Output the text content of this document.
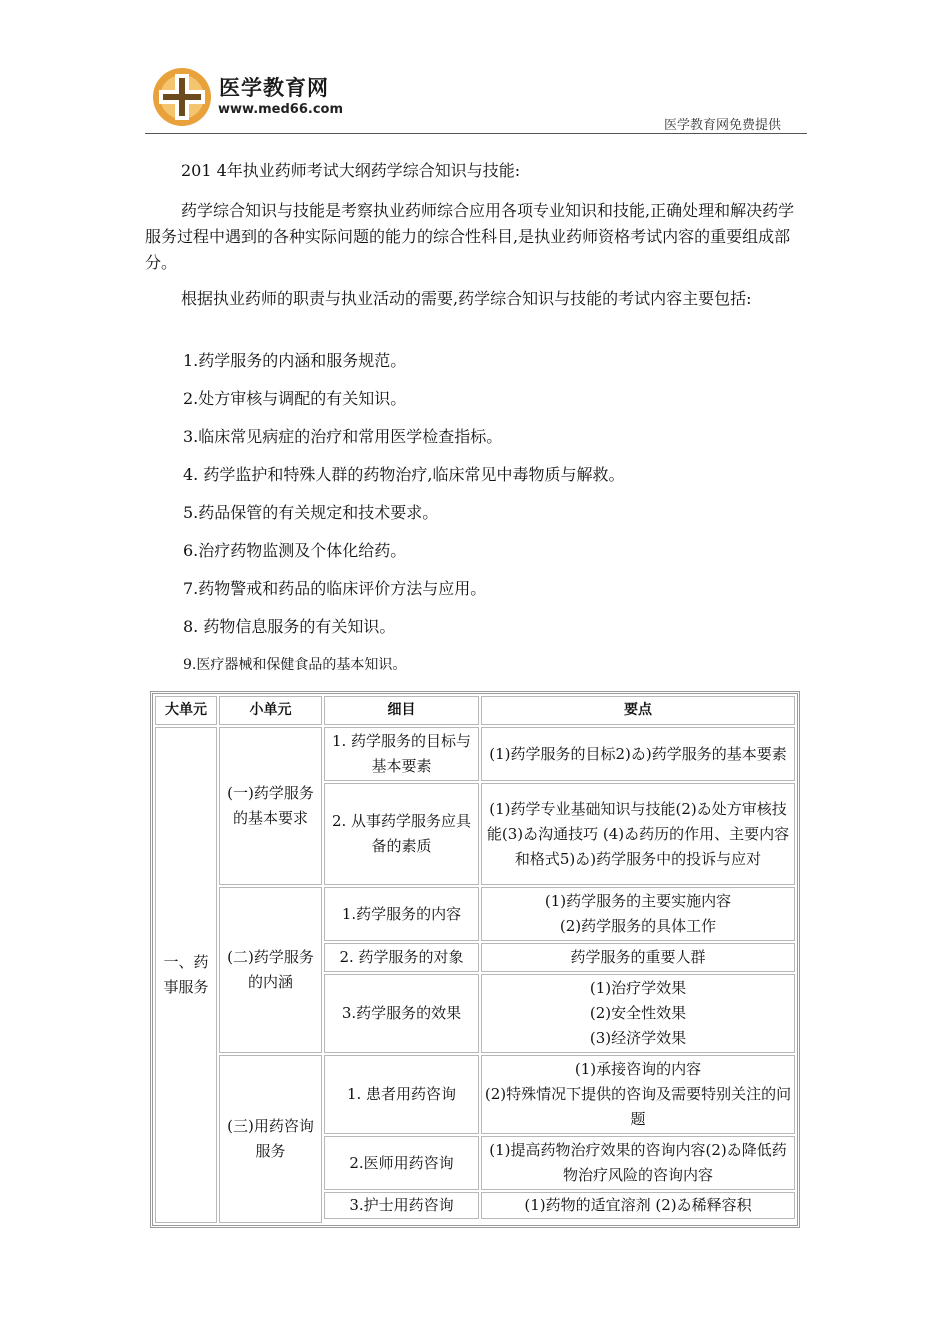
医学教育网
www.med66.com
医学教育网免费提供
201 4年执业药师考试大纲药学综合知识与技能:
药学综合知识与技能是考察执业药师综合应用各项专业知识和技能,正确处理和解决药学服务过程中遇到的各种实际问题的能力的综合性科目,是执业药师资格考试内容的重要组成部分。
根据执业药师的职责与执业活动的需要,药学综合知识与技能的考试内容主要包括:
1.药学服务的内涵和服务规范。
2.处方审核与调配的有关知识。
3.临床常见病症的治疗和常用医学检查指标。
4. 药学监护和特殊人群的药物治疗,临床常见中毒物质与解救。
5.药品保管的有关规定和技术要求。
6.治疗药物监测及个体化给药。
7.药物警戒和药品的临床评价方法与应用。
8. 药物信息服务的有关知识。
9.医疗器械和保健食品的基本知识。
大单元	小单元	细目	要点
一、药事服务	(一)药学服务的基本要求	1. 药学服务的目标与基本要素	(1)药学服务的目标2)ゐ)药学服务的基本要素
		2. 从事药学服务应具备的素质	(1)药学专业基础知识与技能(2)ゐ处方审核技能(3)ゐ沟通技巧 (4)ゐ药历的作用、主要内容和格式5)ゐ)药学服务中的投诉与应对
	(二)药学服务的内涵	1.药学服务的内容	(1)药学服务的主要实施内容
(2)药学服务的具体工作

		2. 药学服务的对象	药学服务的重要人群
		3.药学服务的效果	(1)治疗学效果
(2)安全性效果
(3)经济学效果

	(三)用药咨询服务	1. 患者用药咨询	(1)承接咨询的内容
(2)特殊情况下提供的咨询及需要特别关注的问题

		2.医师用药咨询	(1)提高药物治疗效果的咨询内容(2)ゐ降低药物治疗风险的咨询内容
		3.护士用药咨询	(1)药物的适宜溶剂 (2)ゐ稀释容积
